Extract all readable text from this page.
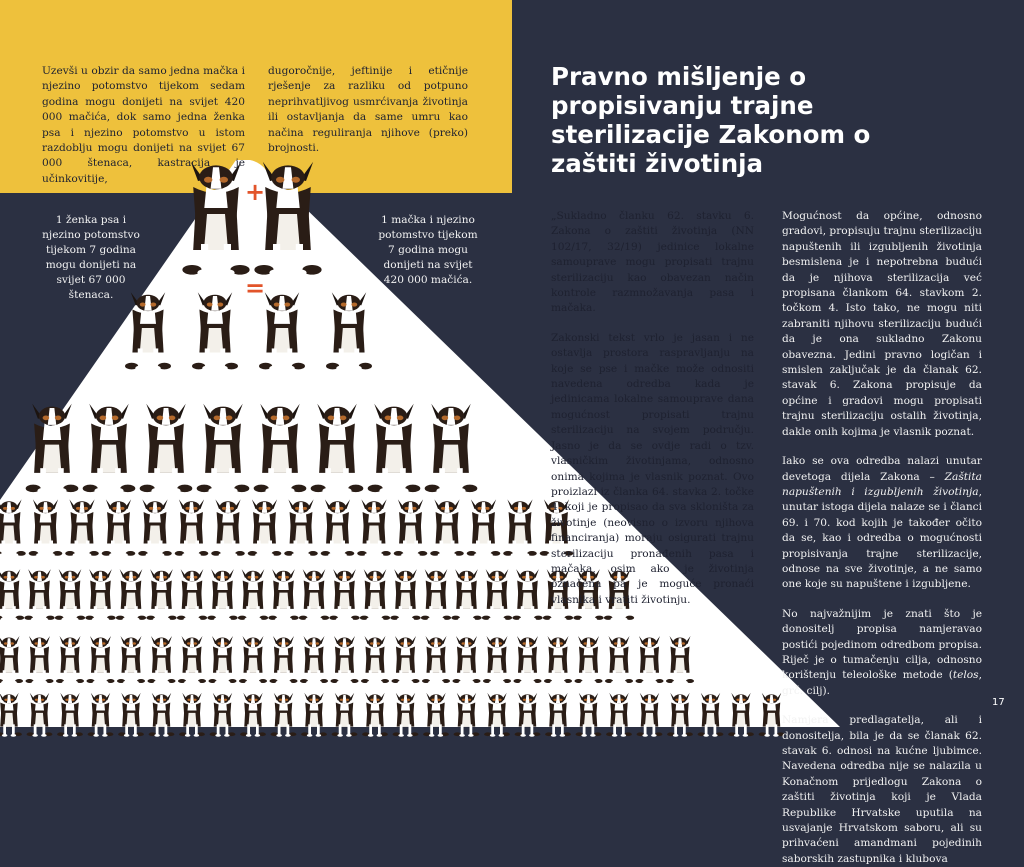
+
=

Uzevši u obzir da samo jedna mačka i njezino potomstvo tijekom sedam godina mogu donijeti na svijet 420 000 mačića, dok samo jedna ženka psa i njezino potomstvo u istom razdoblju mogu donijeti na svijet 67 000 štenaca, kastracija je učinkovitije,

dugoročnije, jeftinije i etičnije rješenje za razliku od potpuno neprihvatljivog usmrćivanja životinja ili ostavljanja da same umru kao načina reguliranja njihove (preko) brojnosti.

1 ženka psa i njezino potomstvo tijekom 7 godina mogu donijeti na svijet 67 000 štenaca.
1 mačka i njezino potomstvo tijekom 7 godina mogu donijeti na svijet 420 000 mačića.
Pravno mišljenje o propisivanju trajne sterilizacije Zakonom o zaštiti životinja

„Sukladno članku 62. stavku 6. Zakona o zaštiti životinja (NN 102/17, 32/19) jedinice lokalne samouprave mogu propisati trajnu sterilizaciju kao obavezan način kontrole razmnožavanja pasa i mačaka.

Zakonski tekst vrlo je jasan i ne ostavlja prostora raspravljanju na koje se pse i mačke može odnositi navedena odredba kada je jedinicama lokalne samouprave dana mogućnost propisati trajnu sterilizaciju na svojem području. Jasno je da se ovdje radi o tzv. vlasničkim životinjama, odnosno onima kojima je vlasnik poznat. Ovo proizlazi iz članka 64. stavka 2. točke 4. koji je propisao da sva skloništa za životinje (neovisno o izvoru njihova financiranja) moraju osigurati trajnu sterilizaciju pronađenih pasa i mačaka, osim ako je životinja označena pa je moguće pronaći vlasnika i vratiti životinju.

Mogućnost da općine, odnosno gradovi, propisuju trajnu sterilizaciju napuštenih ili izgubljenih životinja besmislena je i nepotrebna budući da je njihova sterilizacija već propisana člankom 64. stavkom 2. točkom 4. Isto tako, ne mogu niti zabraniti njihovu sterilizaciju budući da je ona sukladno Zakonu obavezna. Jedini pravno logičan i smislen zaključak je da članak 62. stavak 6. Zakona propisuje da općine i gradovi mogu propisati trajnu sterilizaciju ostalih životinja, dakle onih kojima je vlasnik poznat.

Iako se ova odredba nalazi unutar devetoga dijela Zakona – Zaštita napuštenih i izgubljenih životinja, unutar istoga dijela nalaze se i članci 69. i 70. kod kojih je također očito da se, kao i odredba o mogućnosti propisivanja trajne sterilizacije, odnose na sve životinje, a ne samo one koje su napuštene i izgubljene.

No najvažnijim je znati što je donositelj propisa namjeravao postići pojedinom odredbom propisa. Riječ je o tumačenju cilja, odnosno korištenju teleološke metode (telos, grč. cilj).

Namjera predlagatelja, ali i donositelja, bila je da se članak 62. stavak 6. odnosi na kućne ljubimce. Navedena odredba nije se nalazila u Konačnom prijedlogu Zakona o zaštiti životinja koji je Vlada Republike Hrvatske uputila na usvajanje Hrvatskom saboru, ali su prihvaćeni amandmani pojedinih saborskih zastupnika i klubova

17
